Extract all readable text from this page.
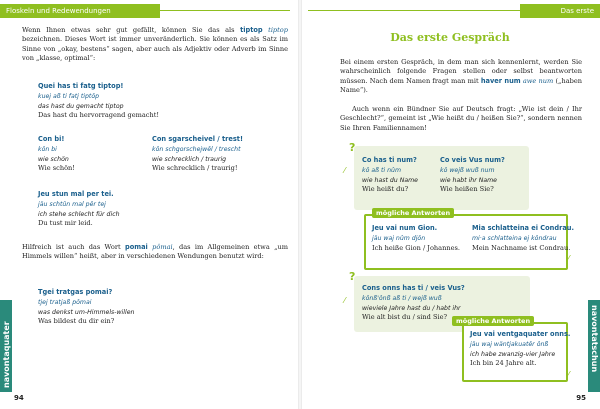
Floskeln und Redewendungen
Wenn Ihnen etwas sehr gut gefällt, können Sie das als tiptop tiptop bezeichnen. Dieses Wort ist immer unveränderlich. Sie können es als Satz im Sinne von „okay, bestens“ sagen, aber auch als Adjektiv oder Adverb im Sinne von „klasse, optimal“:
Quei has ti fatg tiptop!
kuej aß ti fatj tiptôp
das hast du gemacht tiptop
Das hast du hervorragend gemacht!
Con bi!
kôn bi
wie schön
Wie schön!
Con sgarscheivel / trest!
kôn schgorschejwêl / trescht
wie schrecklich / traurig
Wie schrecklich / traurig!
Jeu stun mal per tei.
jäu schtûn mal pêr tej
ich stehe schlecht für dich
Du tust mir leid.
Hilfreich ist auch das Wort pomai pômai, das im Allgemeinen etwa „um Himmels willen“ heißt, aber in verschiedenen Wendungen benutzt wird:
Tgei tratgas pomai?
tjej tratjaß pômai
was denkst um-Himmels-willen
Was bildest du dir ein?
navontaquater
94
Das erste Gespräch
Das erste Gespräch
Bei einem ersten Gespräch, in dem man sich kennenlernt, werden Sie wahrscheinlich folgende Fragen stellen oder selbst beantworten müssen. Nach dem Namen fragt man mit haver num awe num („haben Name“).
Auch wenn ein Bündner Sie auf Deutsch fragt: „Wie ist dein / Ihr Geschlecht?“, gemeint ist „Wie heißt du / heißen Sie?“, sondern nennen Sie Ihren Familiennamen!
?
⁄
Co has ti num?
kô aß ti nûm
wie hast du Name
Wie heißt du?
Co veis Vus num?
kô wejß wuß num
wie habt ihr Name
Wie heißen Sie?
mögliche Antworten
⁄
Jeu vai num Gion.
jäu waj nûm djôn
Ich heiße Gion / Johannes.
Mia schlatteina ei Condrau.
mi·a schlatteina ej kôndrau
Mein Nachname ist Condrau.
?
⁄
Cons onns has ti / veis Vus?
kônß'ônß aß ti / wejß wuß
wieviele Jahre hast du / habt ihr
Wie alt bist du / sind Sie?	mögliche Antworten
⁄
Jeu vai ventgaquater onns.
jäu waj wäntjakuatêr ônß
ich habe zwanzig-vier Jahre
Ich bin 24 Jahre alt.
95
navontatschun
